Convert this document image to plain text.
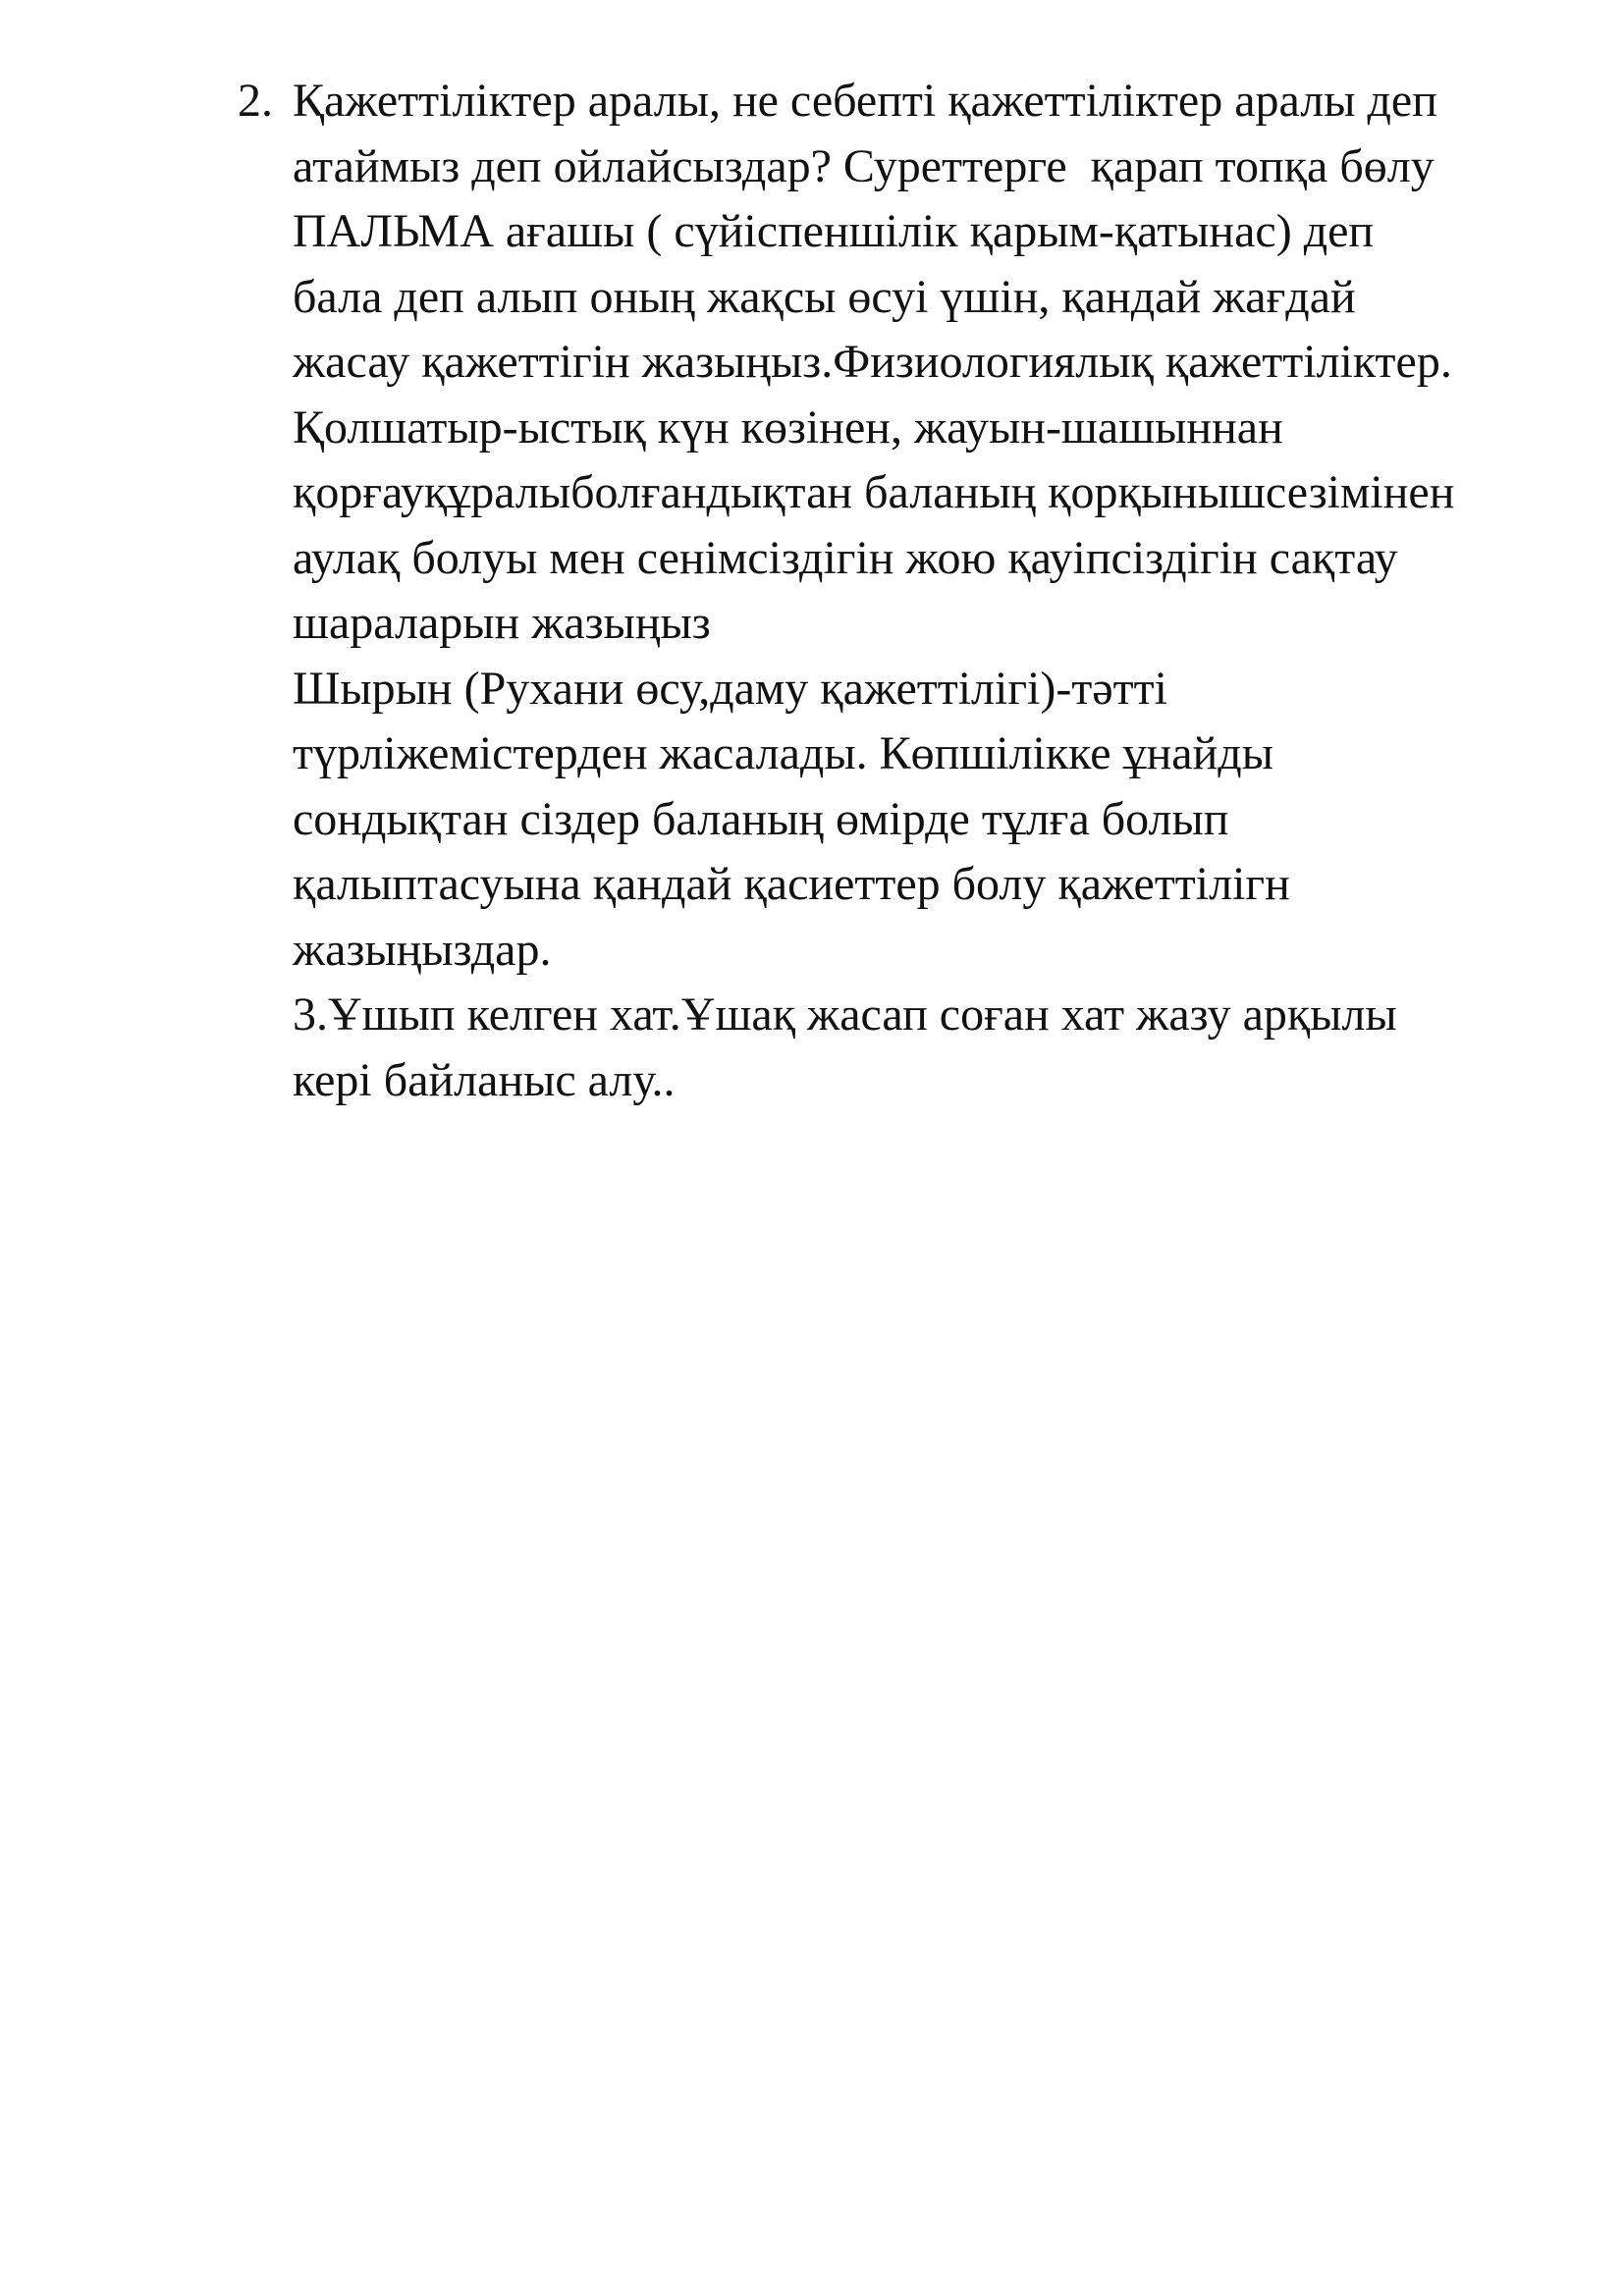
2. Қажеттіліктер аралы, не себепті қажеттіліктер аралы деп
атаймыз деп ойлайсыздар? Суреттерге  қарап топқа бөлу
ПАЛЬМА ағашы ( сүйіспеншілік қарым-қатынас) деп
бала деп алып оның жақсы өсуі үшін, қандай жағдай
жасау қажеттігін жазыңыз.Физиологиялық қажеттіліктер.
Қолшатыр-ыстық күн көзінен, жауын-шашыннан
қорғауқұралыболғандықтан баланың қорқынышсезімінен
аулақ болуы мен сенімсіздігін жою қауіпсіздігін сақтау
шараларын жазыңыз
Шырын (Рухани өсу,даму қажеттілігі)-тәтті
түрліжемістерден жасалады. Көпшілікке ұнайды
сондықтан сіздер баланың өмірде тұлға болып
қалыптасуына қандай қасиеттер болу қажеттілігн
жазыңыздар.
3.Ұшып келген хат.Ұшақ жасап соған хат жазу арқылы
кері байланыс алу..
